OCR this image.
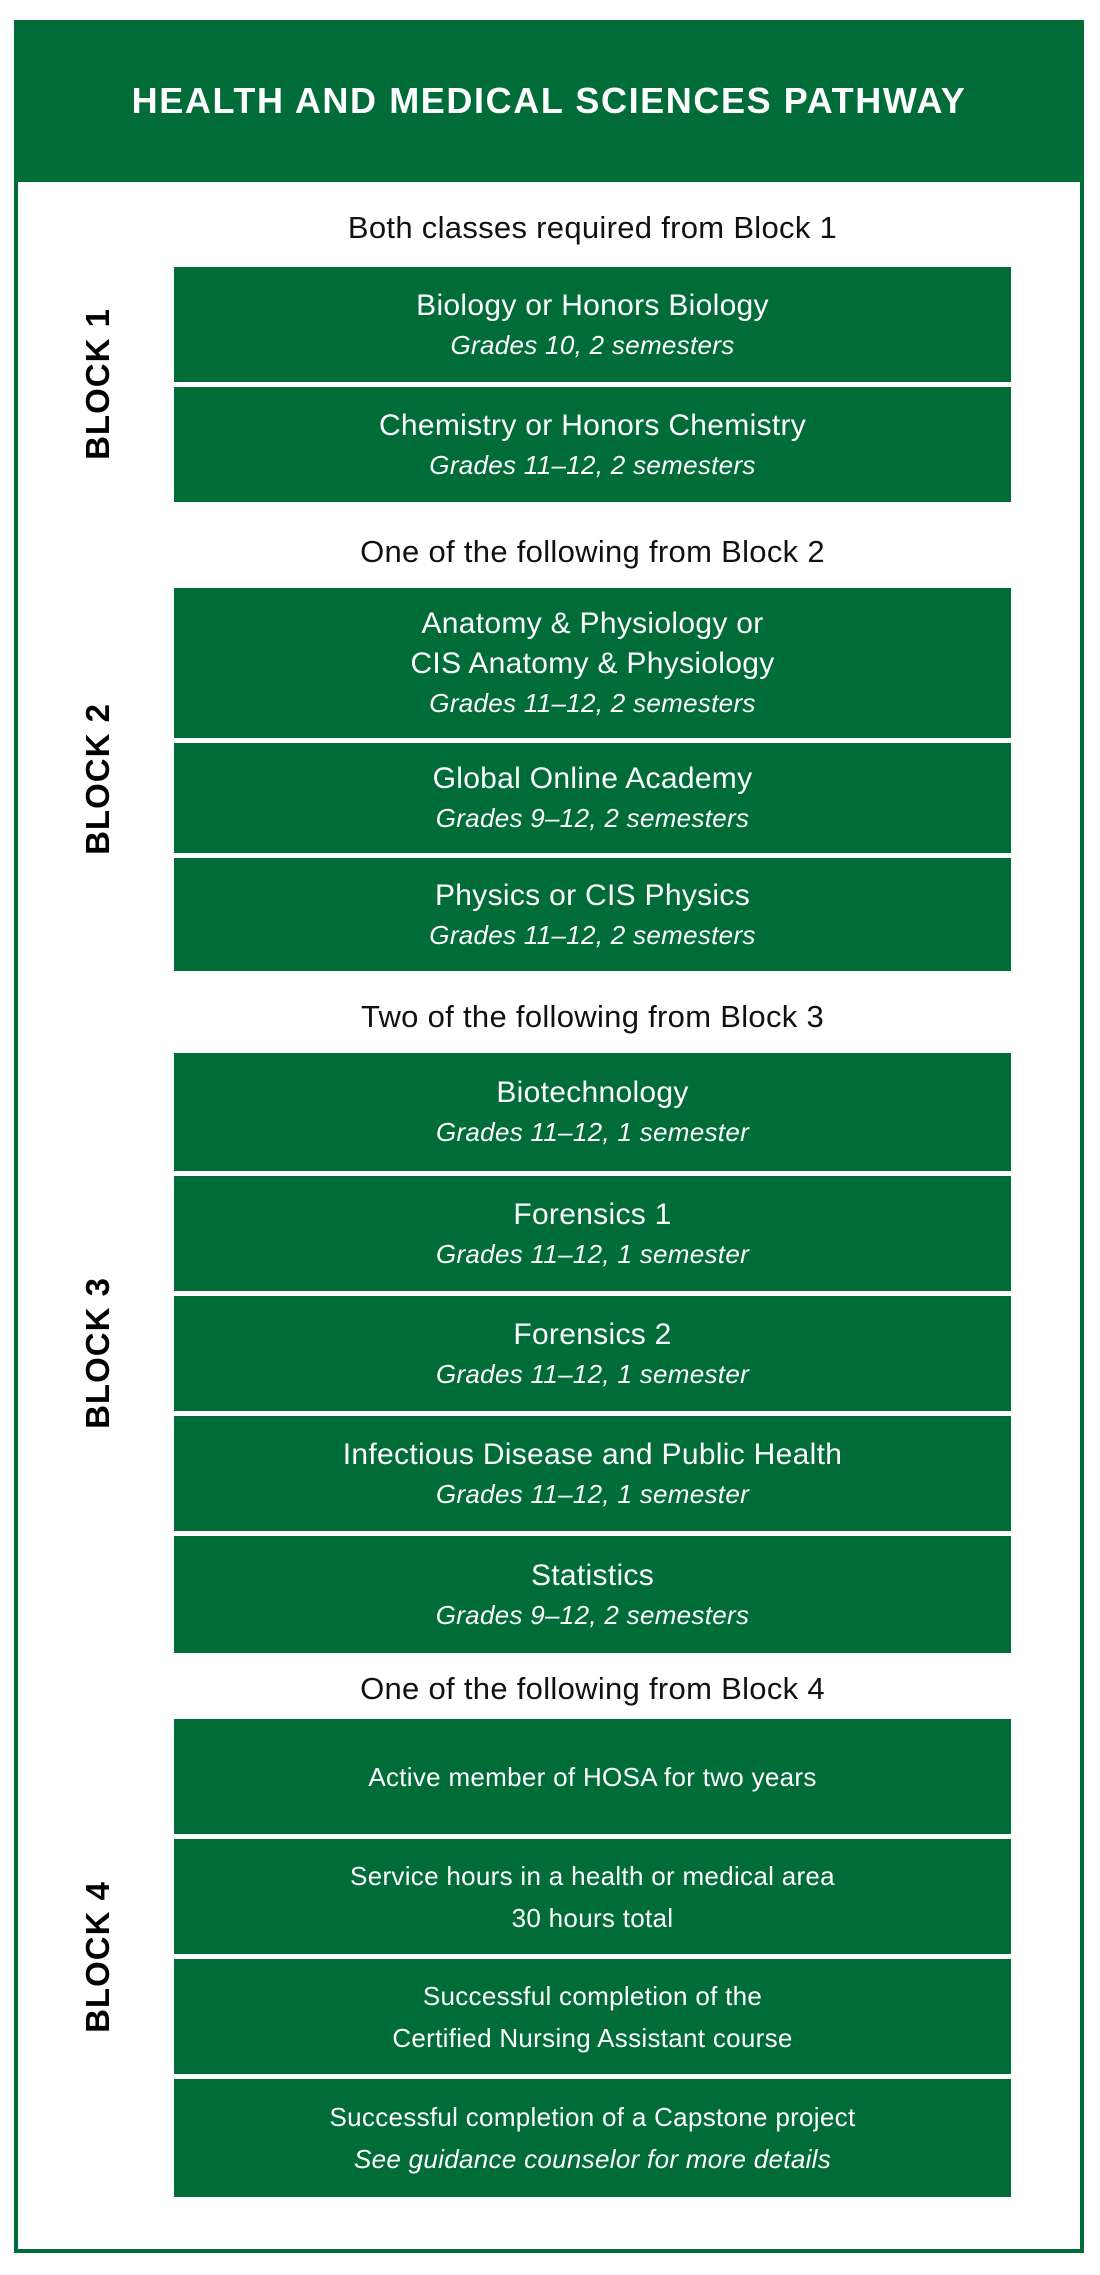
HEALTH AND MEDICAL SCIENCES PATHWAY
Both classes required from Block 1
BLOCK 1
Biology or Honors Biology
Grades 10, 2 semesters
Chemistry or Honors Chemistry
Grades 11–12, 2 semesters
One of the following from Block 2
BLOCK 2
Anatomy & Physiology or
CIS Anatomy & Physiology
Grades 11–12, 2 semesters
Global Online Academy
Grades 9–12, 2 semesters
Physics or CIS Physics
Grades 11–12, 2 semesters
Two of the following from Block 3
BLOCK 3
Biotechnology
Grades 11–12, 1 semester
Forensics 1
Grades 11–12, 1 semester
Forensics 2
Grades 11–12, 1 semester
Infectious Disease and Public Health
Grades 11–12, 1 semester
Statistics
Grades 9–12, 2 semesters
One of the following from Block 4
BLOCK 4
Active member of HOSA for two years
Service hours in a health or medical area
30 hours total
Successful completion of the
Certified Nursing Assistant course
Successful completion of a Capstone project
See guidance counselor for more details
